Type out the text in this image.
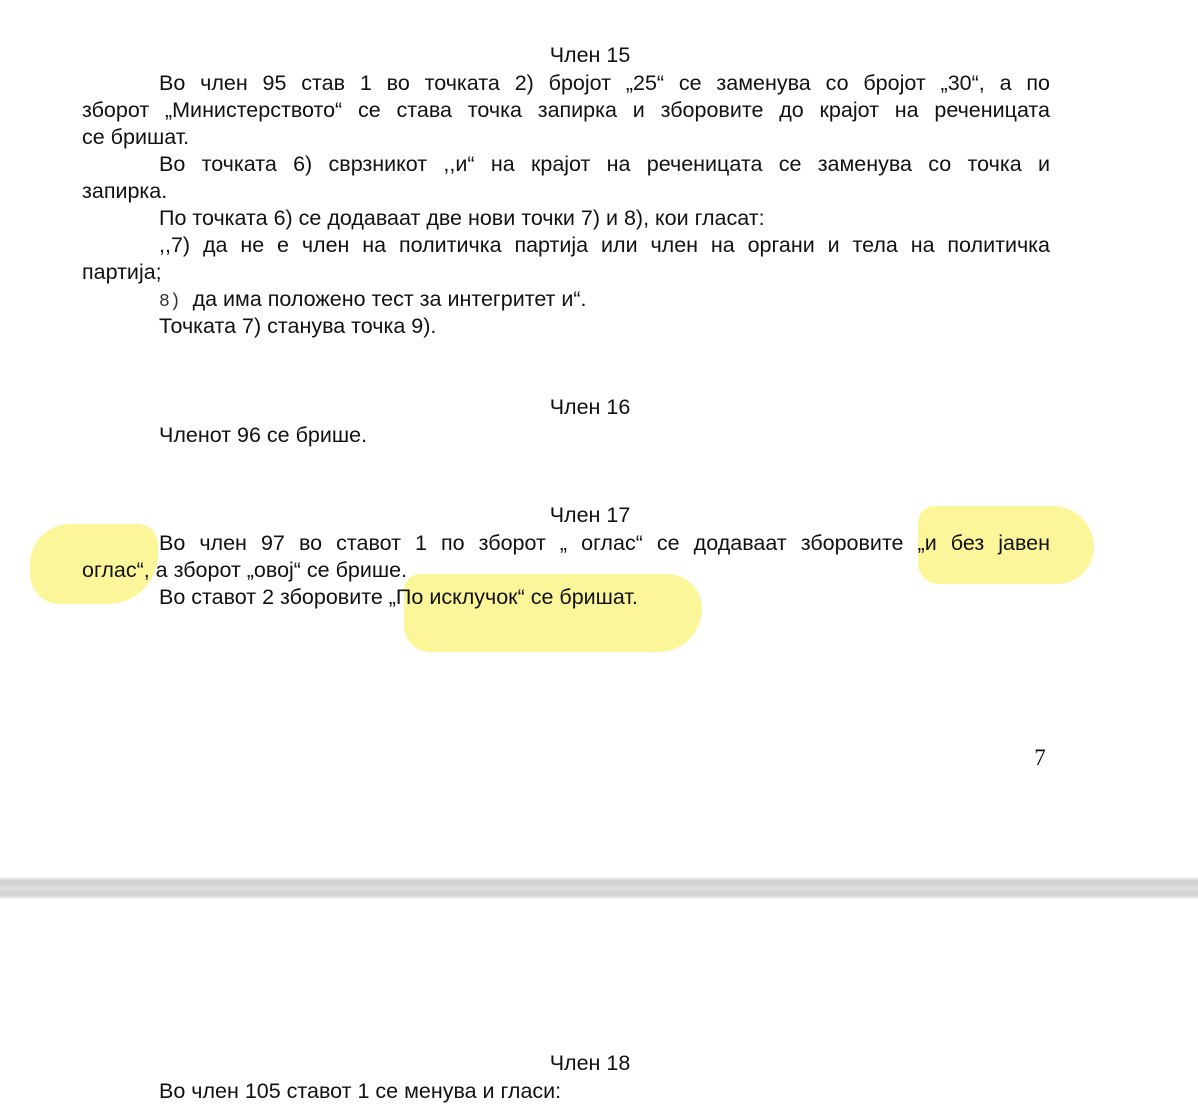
Член 15
Во член 95 став 1 во точката 2) бројот „25“ се заменува со бројот „30“, а по
зборот „Министерството“ се става точка запирка и зборовите до крајот на реченицата
се бришат.
Во точката 6) сврзникот ,,и“ на крајот на реченицата се заменува со точка и
запирка.
По точката 6) се додаваат две нови точки 7) и 8), кои гласат:
,,7) да не е член на политичка партија или член на органи и тела на политичка
партија;
8) да има положено тест за интегритет и“.
Точката 7) станува точка 9).
Член 16
Членот 96 се брише.
Член 17
Во член 97 во ставот 1 по зборот „ оглас“ се додаваат зборовите „и без јавен
оглас“, а зборот „овој“ се брише.
Во ставот 2 зборовите „По исклучок“ се бришат.
7
Член 18
Во член 105 ставот 1 се менува и гласи:
